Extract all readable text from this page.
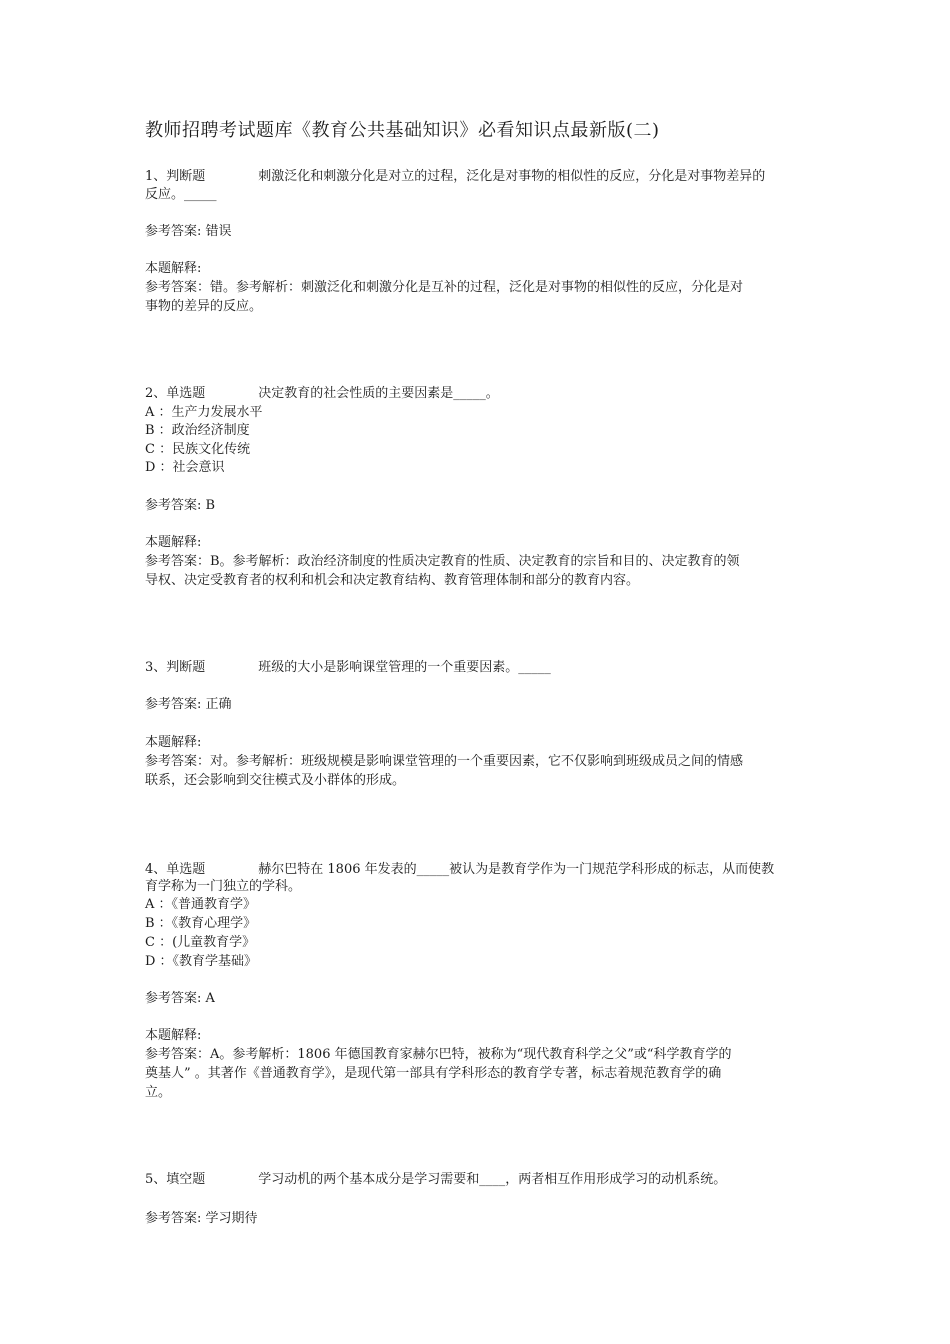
教师招聘考试题库《教育公共基础知识》必看知识点最新版(二)
1、判断题	刺激泛化和刺激分化是对立的过程，泛化是对事物的相似性的反应，分化是对事物差异的
反应。_____
参考答案: 错误
本题解释:
参考答案：错。参考解析：刺激泛化和刺激分化是互补的过程，泛化是对事物的相似性的反应，分化是对
事物的差异的反应。
2、单选题	决定教育的社会性质的主要因素是_____。
A ：生产力发展水平
B ：政治经济制度
C ：民族文化传统
D ：社会意识
参考答案: B
本题解释:
参考答案：B。参考解析：政治经济制度的性质决定教育的性质、决定教育的宗旨和目的、决定教育的领
导权、决定受教育者的权利和机会和决定教育结构、教育管理体制和部分的教育内容。
3、判断题	班级的大小是影响课堂管理的一个重要因素。_____
参考答案: 正确
本题解释:
参考答案：对。参考解析：班级规模是影响课堂管理的一个重要因素，它不仅影响到班级成员之间的情感
联系，还会影响到交往模式及小群体的形成。
4、单选题	赫尔巴特在 1806 年发表的_____被认为是教育学作为一门规范学科形成的标志，从而使教
育学称为一门独立的学科。
A ：《普通教育学》
B ：《教育心理学》
C ：(儿童教育学》
D ：《教育学基础》
参考答案: A
本题解释:
参考答案：A。参考解析：1806 年德国教育家赫尔巴特，被称为“现代教育科学之父”或“科学教育学的
奠基人” 。其著作《普通教育学》，是现代第一部具有学科形态的教育学专著，标志着规范教育学的确
立。
5、填空题	学习动机的两个基本成分是学习需要和____，两者相互作用形成学习的动机系统。
参考答案: 学习期待
